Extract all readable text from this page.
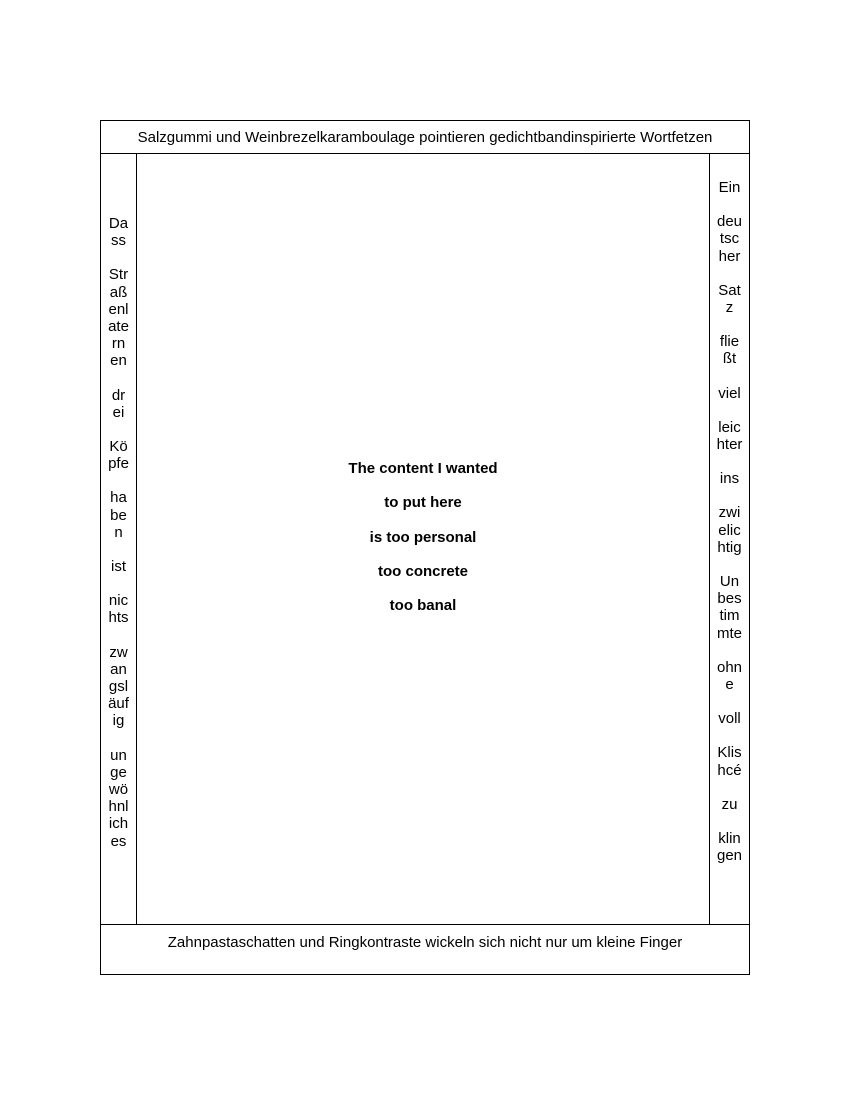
Salzgummi und Weinbrezelkaramboulage pointieren gedichtbandinspirierte Wortfetzen
Da
ss
Str
aß
enl
ate
rn
en
dr
ei
Kö
pfe
ha
be
n
ist
nic
hts
zw
an
gsl
äuf
ig
un
ge
wö
hnl
ich
es
The content I wanted
to put here
is too personal
too concrete
too banal
Ein
deu
tsc
her
Sat
z
flie
ßt
viel
leic
hter
ins
zwi
elic
htig
Un
bes
tim
mte
ohn
e
voll
Klis
hcé
zu
klin
gen
Zahnpastaschatten und Ringkontraste wickeln sich nicht nur um kleine Finger
